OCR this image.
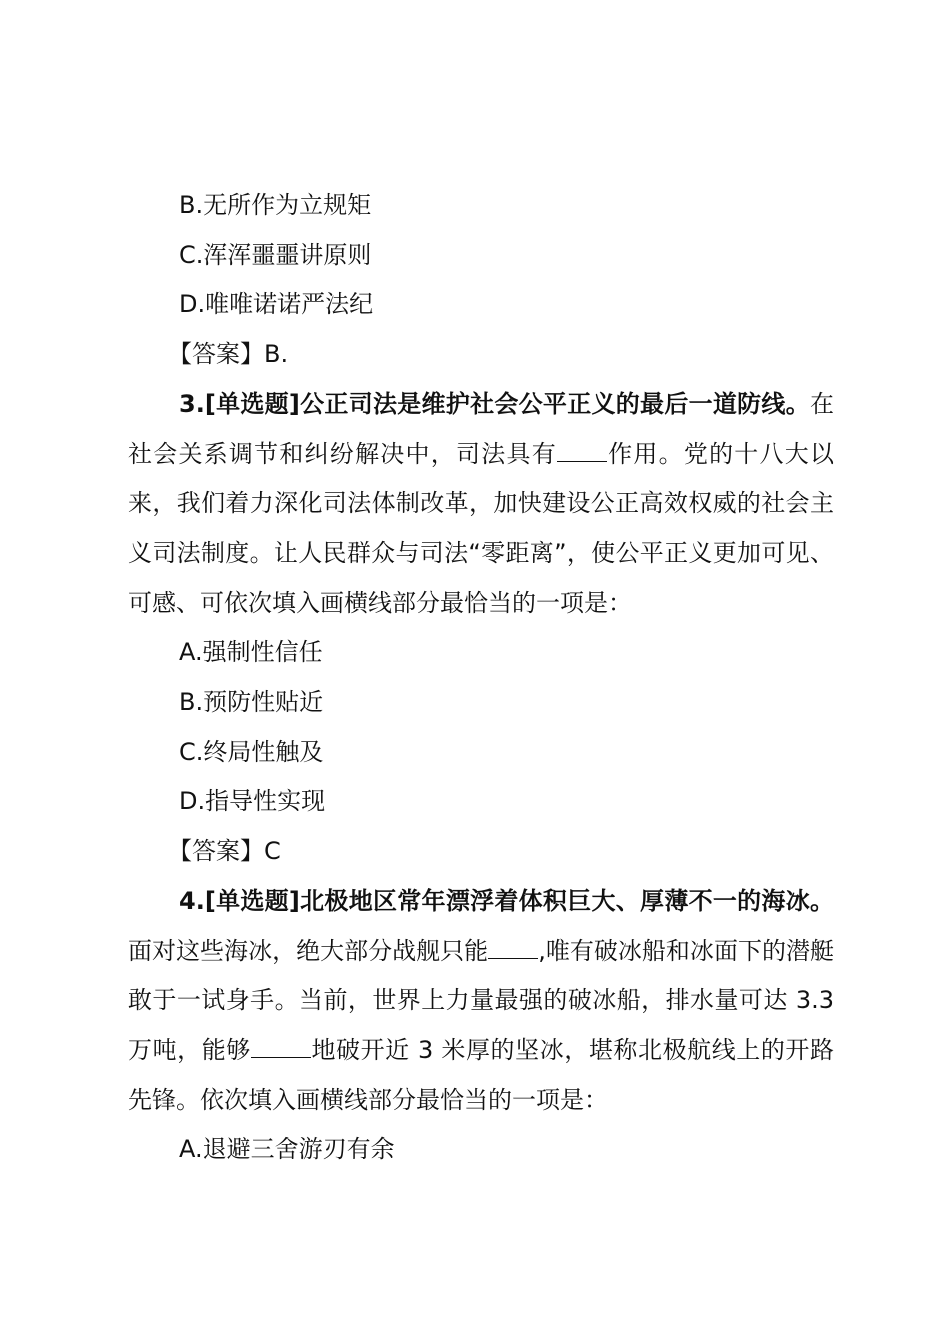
B.无所作为立规矩

C.浑浑噩噩讲原则

D.唯唯诺诺严法纪

【答案】B.

3.[单选题]公正司法是维护社会公平正义的最后一道防线。在社会关系调节和纠纷解决中，司法具有 作用。党的十八大以来，我们着力深化司法体制改革，加快建设公正高效权威的社会主义司法制度。让人民群众与司法“零距离”，使公平正义更加可见、可感、可依次填入画横线部分最恰当的一项是：

A.强制性信任

B.预防性贴近

C.终局性触及

D.指导性实现

【答案】C

4.[单选题]北极地区常年漂浮着体积巨大、厚薄不一的海冰。面对这些海冰，绝大部分战舰只能 ,唯有破冰船和冰面下的潜艇敢于一试身手。当前，世界上力量最强的破冰船，排水量可达 3.3 万吨，能够	地破开近 3 米厚的坚冰，堪称北极航线上的开路先锋。依次填入画横线部分最恰当的一项是：

A.退避三舍游刃有余
